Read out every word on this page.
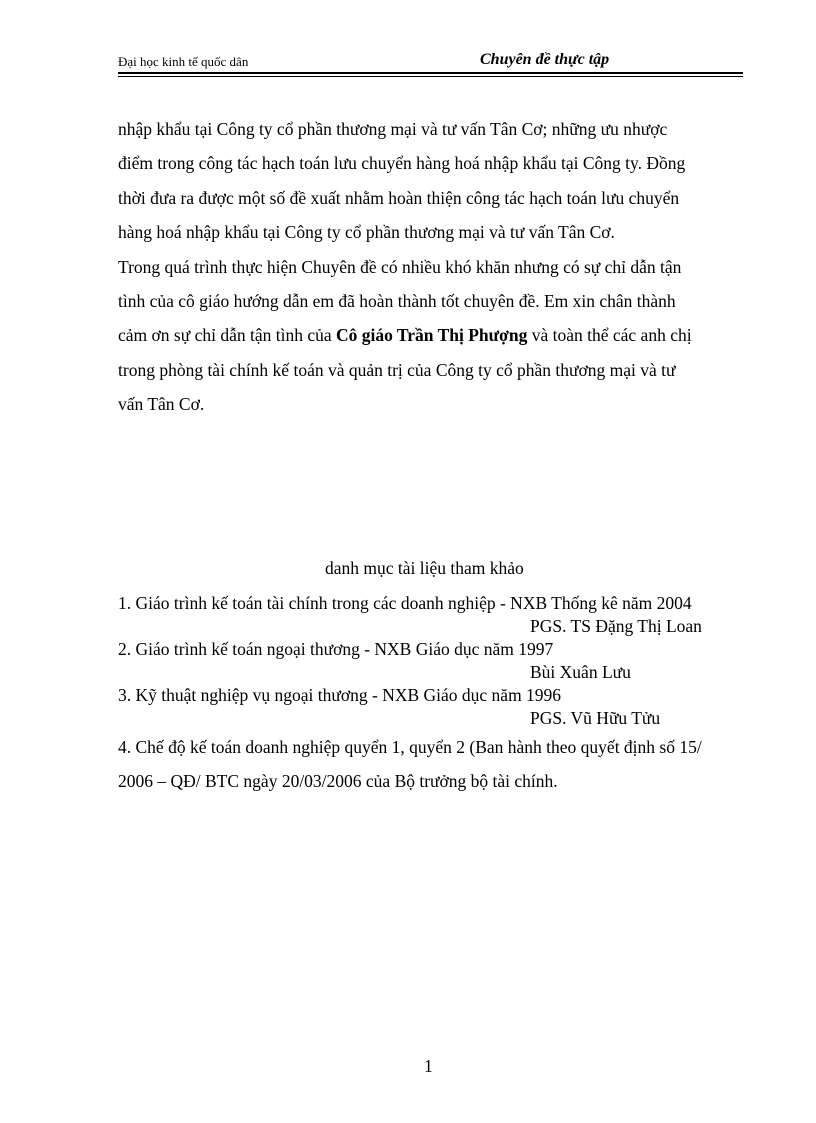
Đại học kinh tế quốc dân	Chuyên đề thực tập

nhập khẩu tại Công ty cổ phần thương mại và tư vấn Tân Cơ; những ưu nhược
điểm trong công tác hạch toán lưu chuyển hàng hoá nhập khẩu tại Công ty. Đồng
thời đưa ra được một số đề xuất nhằm hoàn thiện công tác hạch toán lưu chuyển
hàng hoá nhập khẩu tại Công ty cổ phần thương mại và tư vấn Tân Cơ.

Trong quá trình thực hiện Chuyên đề có nhiều khó khăn nhưng có sự chỉ dẫn tận
tình của cô giáo hướng dẫn em đã hoàn thành tốt chuyên đề. Em xin chân thành
cảm ơn sự chỉ dẫn tận tình của Cô giáo Trần Thị Phượng và toàn thể các anh chị
trong phòng tài chính kế toán và quản trị của Công ty cổ phần thương mại và tư
vấn Tân Cơ.

danh mục tài liệu tham khảo
1. Giáo trình kế toán tài chính trong các doanh nghiệp - NXB Thống kê năm 2004
PGS. TS Đặng Thị Loan
2. Giáo trình kế toán ngoại thương - NXB Giáo dục năm 1997
Bùi Xuân Lưu
3. Kỹ thuật nghiệp vụ ngoại thương - NXB Giáo dục năm 1996
PGS. Vũ Hữu Tửu
4. Chế độ kế toán doanh nghiệp quyển 1, quyển 2 (Ban hành theo quyết định số 15/
2006 – QĐ/ BTC ngày 20/03/2006 của Bộ trưởng bộ tài chính.
1
